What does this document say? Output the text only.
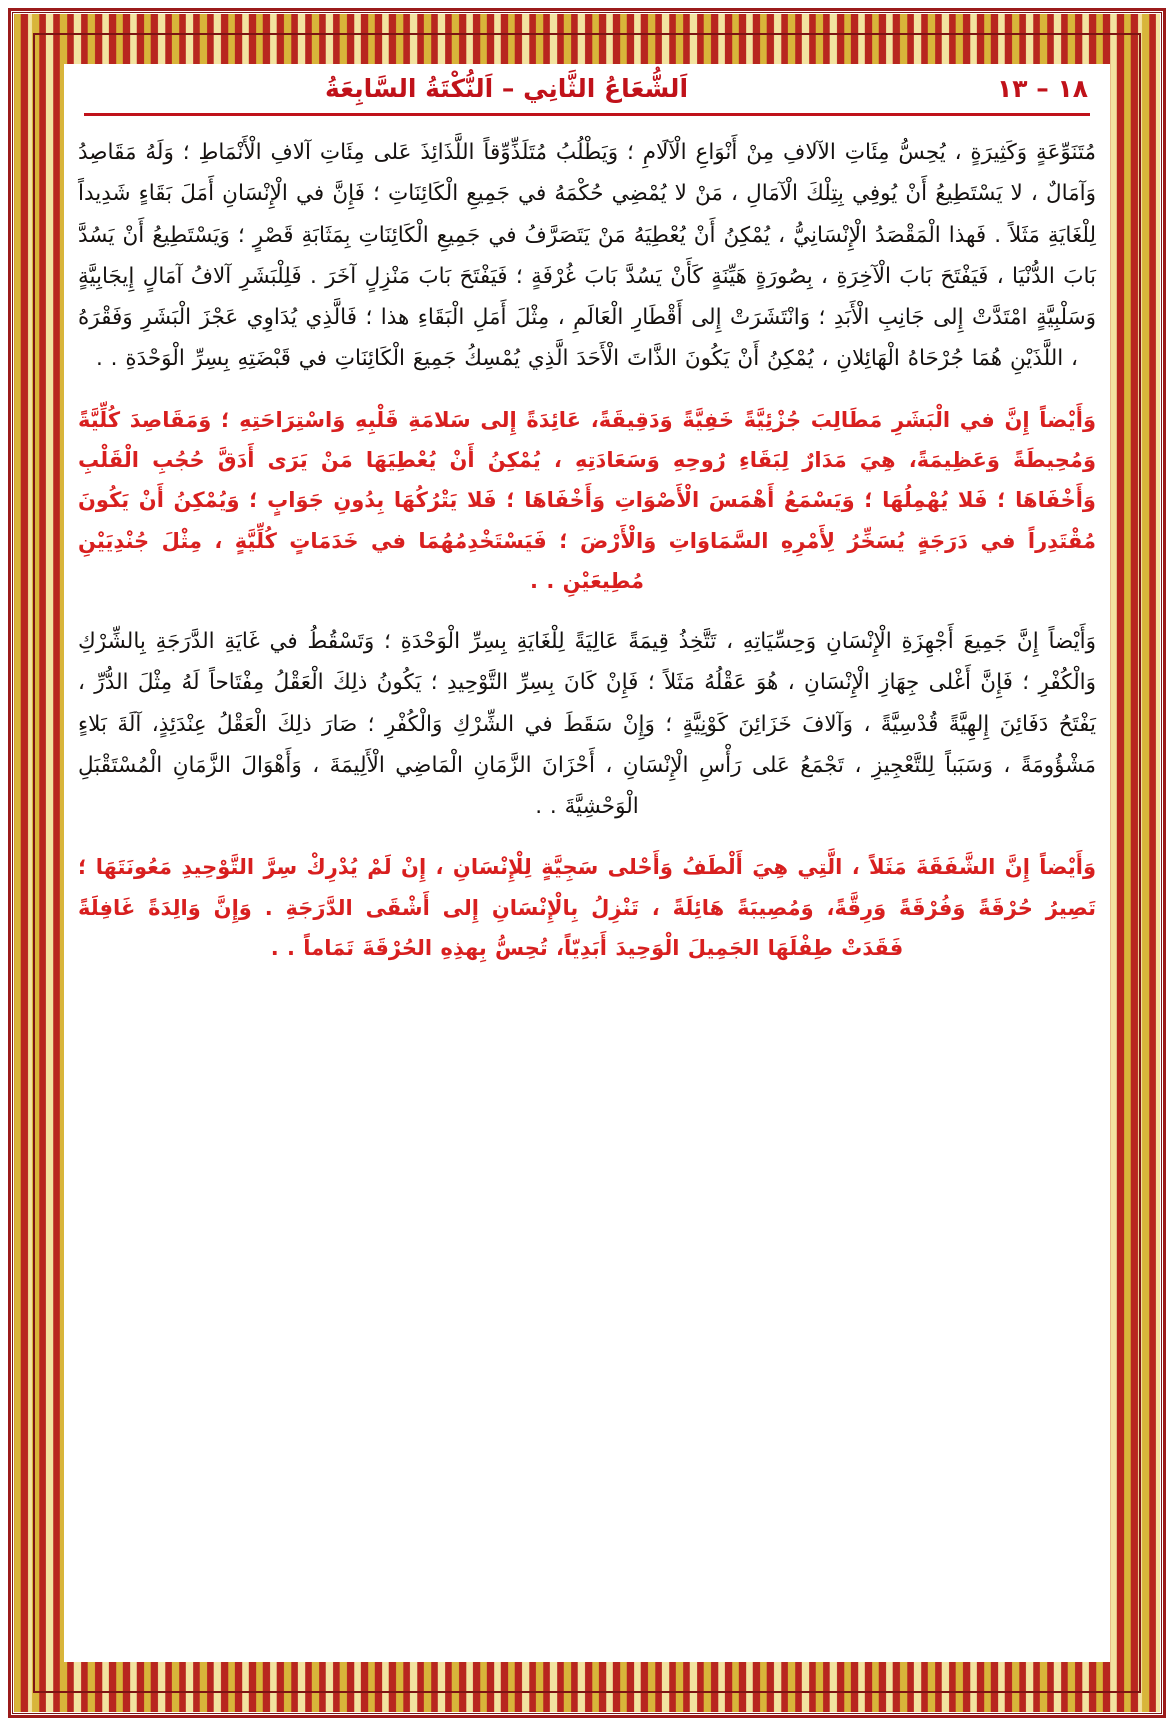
١٨ – ١٣
اَلشُّعَاعُ الثَّانِي – اَلنُّكْتَةُ السَّابِعَةُ

مُتَنَوِّعَةٍ وَكَثِيرَةٍ ، يُحِسُّ مِئَاتِ الآلافِ مِنْ أَنْوَاعِ الْآلَامِ ؛ وَيَطْلُبُ مُتَلَذِّوِّقاً اللَّذَائِذَ عَلى مِئَاتِ آلافِ الْأَنْمَاطِ ؛ وَلَهُ مَقَاصِدُ وَآمَالٌ ، لا يَسْتَطِيعُ أَنْ يُوفِي بِتِلْكَ الْآمَالِ ، مَنْ لا يُمْضِي حُكْمَهُ في جَمِيعِ الْكَائِنَاتِ ؛ فَإِنَّ في الْإِنْسَانِ أَمَلَ بَقَاءٍ شَدِيداً لِلْغَايَةِ مَثَلاً . فَهذا الْمَقْصَدُ الْإِنْسَانِيُّ ، يُمْكِنُ أَنْ يُعْطِيَهُ مَنْ يَتَصَرَّفُ في جَمِيعِ الْكَائِنَاتِ بِمَثَابَةِ قَصْرٍ ؛ وَيَسْتَطِيعُ أَنْ يَسُدَّ بَابَ الدُّنْيَا ، فَيَفْتَحَ بَابَ الْآخِرَةِ ، بِصُورَةٍ هَيِّنَةٍ كَأَنْ يَسُدَّ بَابَ غُرْفَةٍ ؛ فَيَفْتَحَ بَابَ مَنْزِلٍ آخَرَ . فَلِلْبَشَرِ آلافُ آمَالٍ إِيجَابِيَّةٍ وَسَلْبِيَّةٍ امْتَدَّتْ إِلى جَانِبِ الْأَبَدِ ؛ وَانْتَشَرَتْ إِلى أَقْطَارِ الْعَالَمِ ، مِثْلَ أَمَلِ الْبَقَاءِ هذا ؛ فَالَّذِي يُدَاوِي عَجْزَ الْبَشَرِ وَفَقْرَهُ ، اللَّذَيْنِ هُمَا جُرْحَاهُ الْهَائِلانِ ، يُمْكِنُ أَنْ يَكُونَ الذَّاتَ الْأَحَدَ الَّذِي يُمْسِكُ جَمِيعَ الْكَائِنَاتِ في قَبْضَتِهِ بِسِرِّ الْوَحْدَةِ . .

وَأَيْضاً إِنَّ في الْبَشَرِ مَطَالِبَ جُزْئِيَّةً خَفِيَّةً وَدَقِيقَةً، عَائِدَةً إِلى سَلامَةِ قَلْبِهِ وَاسْتِرَاحَتِهِ ؛ وَمَقَاصِدَ كُلِّيَّةً وَمُحِيطَةً وَعَظِيمَةً، هِيَ مَدَارٌ لِبَقَاءِ رُوحِهِ وَسَعَادَتِهِ ، يُمْكِنُ أَنْ يُعْطِيَهَا مَنْ يَرَى أَدَقَّ حُجُبِ الْقَلْبِ وَأَخْفَاهَا ؛ فَلا يُهْمِلُهَا ؛ وَيَسْمَعُ أَهْمَسَ الْأَصْوَاتِ وَأَخْفَاهَا ؛ فَلا يَتْرُكُهَا بِدُونِ جَوَابٍ ؛ وَيُمْكِنُ أَنْ يَكُونَ مُقْتَدِراً في دَرَجَةٍ يُسَخِّرُ لِأَمْرِهِ السَّمَاوَاتِ وَالْأَرْضَ ؛ فَيَسْتَخْدِمُهُمَا في خَدَمَاتٍ كُلِّيَّةٍ ، مِثْلَ جُنْدِيَيْنِ مُطِيعَيْنِ . .

وَأَيْضاً إِنَّ جَمِيعَ أَجْهِزَةِ الْإِنْسَانِ وَحِسِّيَاتِهِ ، تَتَّخِذُ قِيمَةً عَالِيَةً لِلْغَايَةِ بِسِرِّ الْوَحْدَةِ ؛ وَتَسْقُطُ في غَايَةِ الدَّرَجَةِ بِالشِّرْكِ وَالْكُفْرِ ؛ فَإِنَّ أَغْلى جِهَازِ الْإِنْسَانِ ، هُوَ عَقْلُهُ مَثَلاً ؛ فَإِنْ كَانَ بِسِرِّ التَّوْحِيدِ ؛ يَكُونُ ذلِكَ الْعَقْلُ مِفْتَاحاً لَهُ مِثْلَ الدُّرِّ ، يَفْتَحُ دَفَائِنَ إِلهِيَّةً قُدْسِيَّةً ، وَآلافَ خَزَائِنَ كَوْنِيَّةٍ ؛ وَإِنْ سَقَطَ في الشِّرْكِ وَالْكُفْرِ ؛ صَارَ ذلِكَ الْعَقْلُ عِنْدَئِذٍ، آلَةَ بَلاءٍ مَشْؤُومَةً ، وَسَبَباً لِلتَّعْجِيزِ ، تَجْمَعُ عَلى رَأْسِ الْإِنْسَانِ ، أَحْزَانَ الزَّمَانِ الْمَاضِي الْأَلِيمَةَ ، وَأَهْوَالَ الزَّمَانِ الْمُسْتَقْبَلِ الْوَحْشِيَّةَ . .

وَأَيْضاً إِنَّ الشَّفَقَةَ مَثَلاً ، الَّتِي هِيَ أَلْطَفُ وَأَحْلى سَجِيَّةٍ لِلْإِنْسَانِ ، إِنْ لَمْ يُدْرِكْ سِرَّ التَّوْحِيدِ مَعُونَتَهَا ؛ تَصِيرُ حُرْقَةً وَفُرْقَةً وَرِقَّةً، وَمُصِيبَةً هَائِلَةً ، تَنْزِلُ بِالْإِنْسَانِ إِلى أَشْقَى الدَّرَجَةِ . وَإِنَّ وَالِدَةً غَافِلَةً فَقَدَتْ طِفْلَهَا الجَمِيلَ الْوَحِيدَ أَبَدِيّاً، تُحِسُّ بِهذِهِ الحُرْقَةَ تَمَاماً . .
